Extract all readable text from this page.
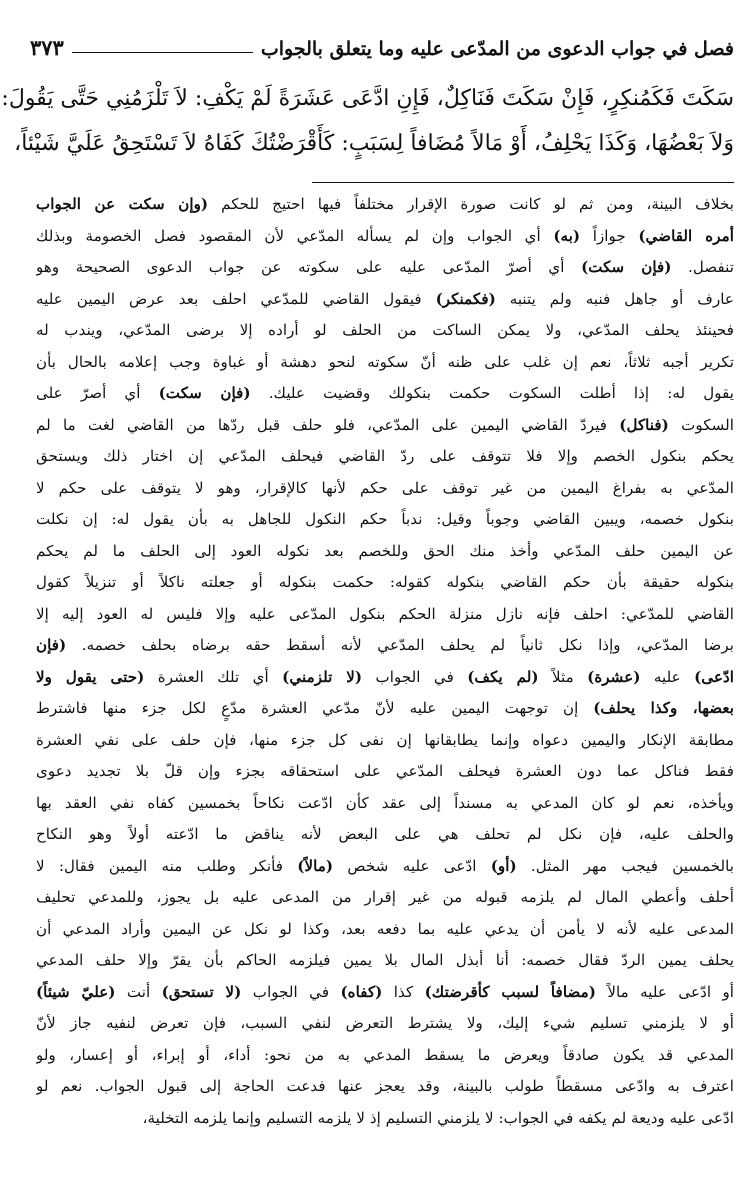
فصل في جواب الدعوى من المدّعى عليه وما يتعلق بالجواب
٣٧٣

سَكَتَ فَكَمُنكِرٍ، فَإِنْ سَكَتَ فَنَاكِلٌ، فَإِنِ ادَّعَى عَشَرَةً لَمْ يَكْفِ: لاَ تَلْزَمُنِي حَتَّى يَقُولَ:

وَلاَ بَعْضُهَا، وَكَذَا يَحْلِفُ، أَوْ مَالاً مُضَافاً لِسَبَبٍ: كَأَقْرَضْتُكَ كَفَاهُ لاَ تَسْتَحِقُ عَلَيَّ شَيْئاً،

بخلاف البينة، ومن ثم لو كانت صورة الإقرار مختلفاً فيها احتيج للحكم (وإن سكت عن الجواب

أمره القاضي) جوازاً (به) أي الجواب وإن لم يسأله المدّعي لأن المقصود فصل الخصومة وبذلك

تنفصل. (فإن سكت) أي أصرّ المدّعى عليه على سكوته عن جواب الدعوى الصحيحة وهو

عارف أو جاهل فنبه ولم يتنبه (فكمنكر) فيقول القاضي للمدّعي احلف بعد عرض اليمين عليه

فحينئذ يحلف المدّعي، ولا يمكن الساكت من الحلف لو أراده إلا برضى المدّعي، ويندب له

تكرير أجبه ثلاثاً، نعم إن غلب على ظنه أنّ سكوته لنحو دهشة أو غباوة وجب إعلامه بالحال بأن

يقول له: إذا أطلت السكوت حكمت بنكولك وقضيت عليك. (فإن سكت) أي أصرّ على

السكوت (فناكل) فيردّ القاضي اليمين على المدّعي، فلو حلف قبل ردّها من القاضي لغت ما لم

يحكم بنكول الخصم وإلا فلا تتوقف على ردّ القاضي فيحلف المدّعي إن اختار ذلك ويستحق

المدّعي به بفراغ اليمين من غير توقف على حكم لأنها كالإقرار، وهو لا يتوقف على حكم لا

بنكول خصمه، ويبين القاضي وجوباً وقيل: ندباً حكم النكول للجاهل به بأن يقول له: إن نكلت

عن اليمين حلف المدّعي وأخذ منك الحق وللخصم بعد نكوله العود إلى الحلف ما لم يحكم

بنكوله حقيقة بأن حكم القاضي بنكوله كقوله: حكمت بنكوله أو جعلته ناكلاً أو تنزيلاً كقول

القاضي للمدّعي: احلف فإنه نازل منزلة الحكم بنكول المدّعى عليه وإلا فليس له العود إليه إلا

برضا المدّعي، وإذا نكل ثانياً لم يحلف المدّعي لأنه أسقط حقه برضاه بحلف خصمه. (فإن

ادّعى) عليه (عشرة) مثلاً (لم يكف) في الجواب (لا تلزمني) أي تلك العشرة (حتى يقول ولا

بعضها، وكذا يحلف) إن توجهت اليمين عليه لأنّ مدّعي العشرة مدّعٍ لكل جزء منها فاشترط

مطابقة الإنكار واليمين دعواه وإنما يطابقانها إن نفى كل جزء منها، فإن حلف على نفي العشرة

فقط فناكل عما دون العشرة فيحلف المدّعي على استحقاقه بجزء وإن قلّ بلا تجديد دعوى

ويأخذه، نعم لو كان المدعي به مسنداً إلى عقد كأن ادّعت نكاحاً بخمسين كفاه نفي العقد بها

والحلف عليه، فإن نكل لم تحلف هي على البعض لأنه يناقض ما ادّعته أولاً وهو النكاح

بالخمسين فيجب مهر المثل. (أو) ادّعى عليه شخص (مالاً) فأنكر وطلب منه اليمين فقال: لا

أحلف وأعطي المال لم يلزمه قبوله من غير إقرار من المدعى عليه بل يجوز، وللمدعي تحليف

المدعى عليه لأنه لا يأمن أن يدعي عليه بما دفعه بعد، وكذا لو نكل عن اليمين وأراد المدعي أن

يحلف يمين الردّ فقال خصمه: أنا أبذل المال بلا يمين فيلزمه الحاكم بأن يقرّ وإلا حلف المدعي

أو ادّعى عليه مالاً (مضافاً لسبب كأقرضتك) كذا (كفاه) في الجواب (لا تستحق) أنت (عليّ شيئاً)

أو لا يلزمني تسليم شيء إليك، ولا يشترط التعرض لنفي السبب، فإن تعرض لنفيه جاز لأنّ

المدعي قد يكون صادقاً ويعرض ما يسقط المدعي به من نحو: أداء، أو إبراء، أو إعسار، ولو

اعترف به وادّعى مسقطاً طولب بالبينة، وقد يعجز عنها فدعت الحاجة إلى قبول الجواب. نعم لو

ادّعى عليه وديعة لم يكفه في الجواب: لا يلزمني التسليم إذ لا يلزمه التسليم وإنما يلزمه التخلية،
